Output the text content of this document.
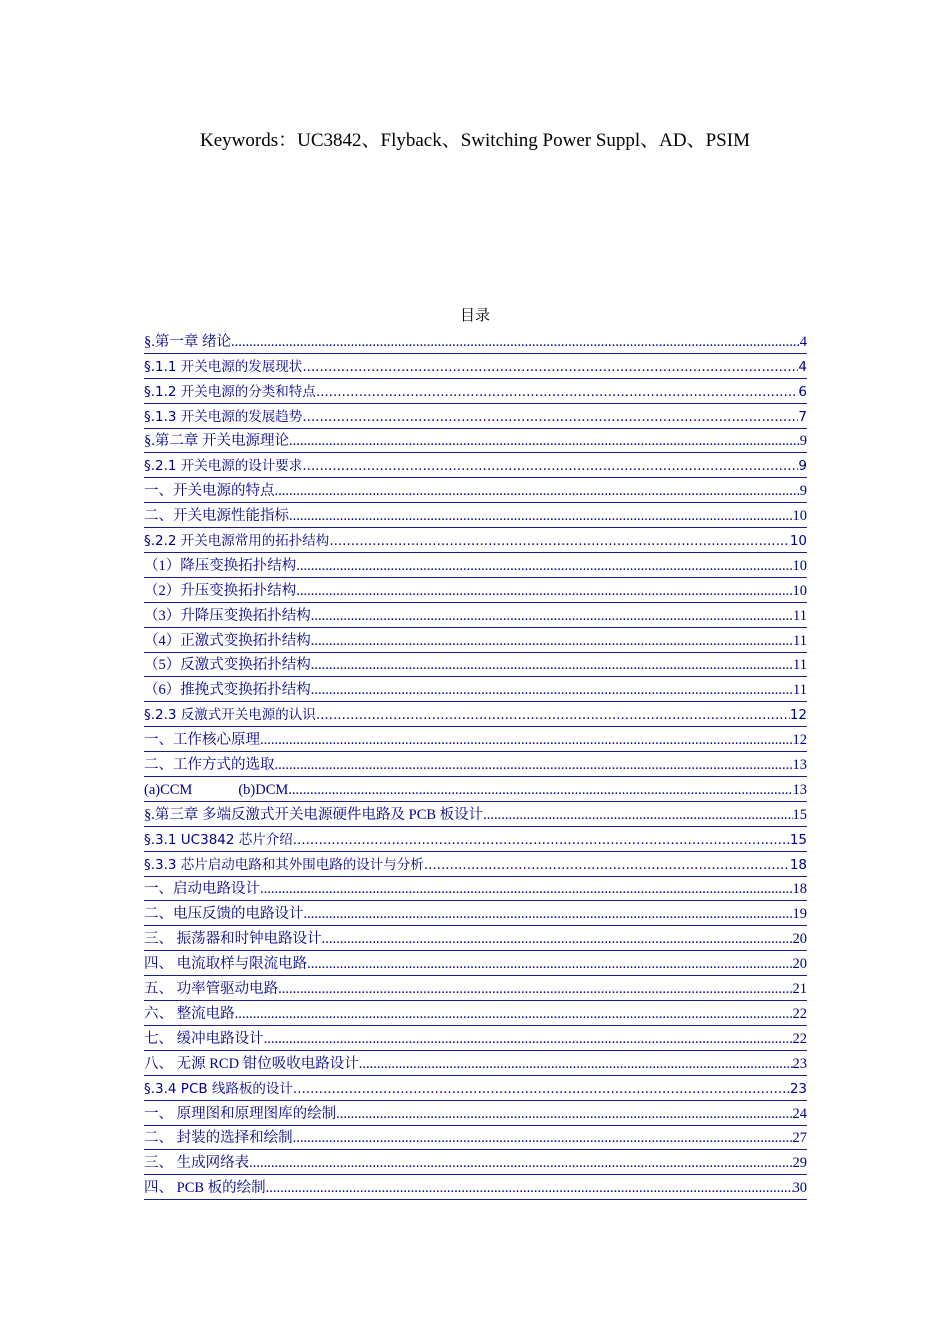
Keywords：UC3842、Flyback、Switching Power Suppl、AD、PSIM
目录
§.第一章 绪论 .....	4
§.1.1 开关电源的发展现状 .....	4
§.1.2 开关电源的分类和特点 .....	6
§.1.3 开关电源的发展趋势 .....	7
§.第二章 开关电源理论 .....	9
§.2.1 开关电源的设计要求 .....	9
一、开关电源的特点 .....	9
二、开关电源性能指标 .....	10
§.2.2 开关电源常用的拓扑结构 .....	10
（1）降压变换拓扑结构 .....	10
（2）升压变换拓扑结构 .....	10
（3）升降压变换拓扑结构 .....	11
（4）正激式变换拓扑结构 .....	11
（5）反激式变换拓扑结构 .....	11
（6）推挽式变换拓扑结构 .....	11
§.2.3 反激式开关电源的认识 .....	12
一、工作核心原理 .....	12
二、工作方式的选取 .....	13
(a)CCM	(b)DCM .....	13
§.第三章 多端反激式开关电源硬件电路及 PCB 板设计 .....	15
§.3.1 UC3842 芯片介绍 .....	15
§.3.3 芯片启动电路和其外围电路的设计与分析 .....	18
一、启动电路设计 .....	18
二、电压反馈的电路设计 .....	19
三、 振荡器和时钟电路设计 .....	20
四、 电流取样与限流电路 .....	20
五、 功率管驱动电路 .....	21
六、 整流电路 .....	22
七、 缓冲电路设计 .....	22
八、 无源 RCD 钳位吸收电路设计 .....	23
§.3.4 PCB 线路板的设计 .....	23
一、 原理图和原理图库的绘制 .....	24
二、 封装的选择和绘制 .....	27
三、 生成网络表 .....	29
四、 PCB 板的绘制 .....	30
